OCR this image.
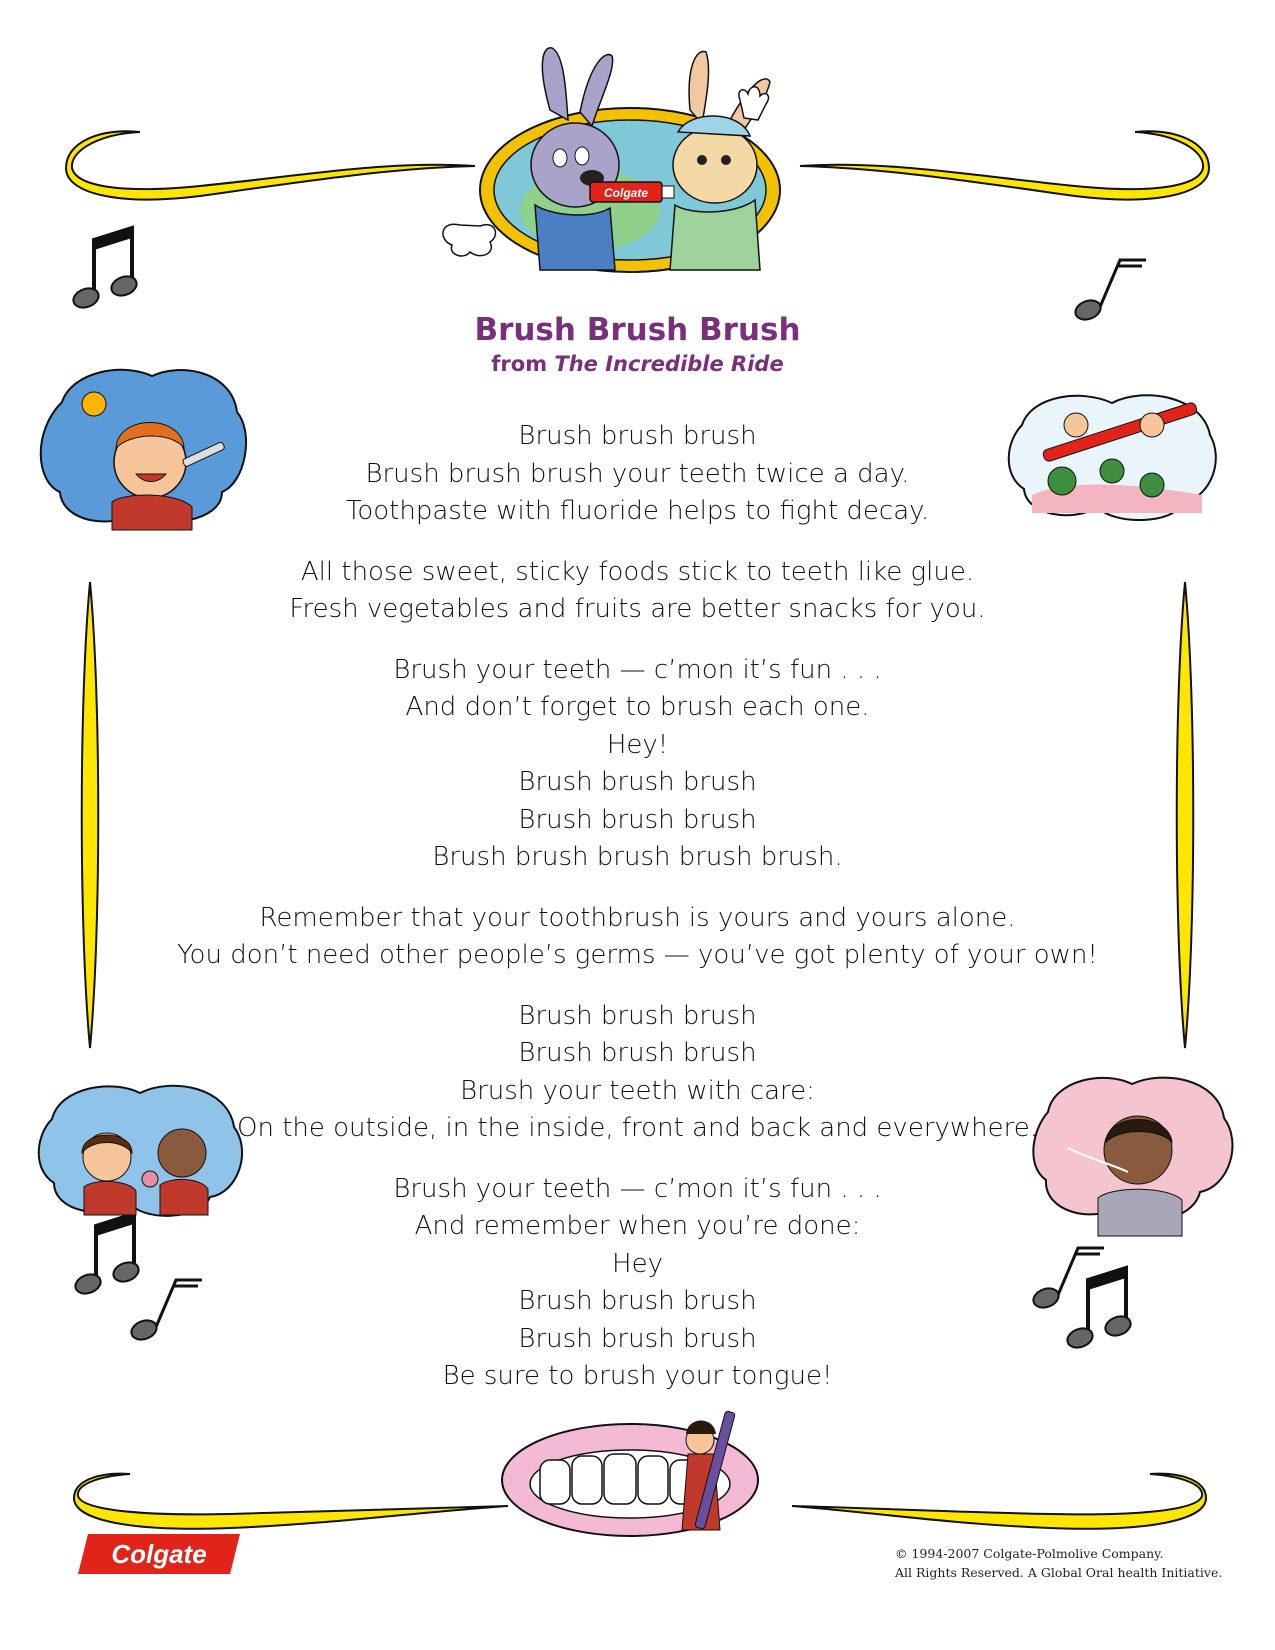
Colgate
Brush Brush Brush
from The Incredible Ride
Brush brush brush
Brush brush brush your teeth twice a day.
Toothpaste with fluoride helps to fight decay.
All those sweet, sticky foods stick to teeth like glue.
Fresh vegetables and fruits are better snacks for you.
Brush your teeth — c’mon it’s fun . . .
And don’t forget to brush each one.
Hey!
Brush brush brush
Brush brush brush
Brush brush brush brush brush.
Remember that your toothbrush is yours and yours alone.
You don’t need other people’s germs — you’ve got plenty of your own!
Brush brush brush
Brush brush brush
Brush your teeth with care:
On the outside, in the inside, front and back and everywhere.
Brush your teeth — c’mon it’s fun . . .
And remember when you’re done:
Hey
Brush brush brush
Brush brush brush
Be sure to brush your tongue!
Colgate	© 1994-2007 Colgate-Polmolive Company.
All Rights Reserved. A Global Oral health Initiative.
